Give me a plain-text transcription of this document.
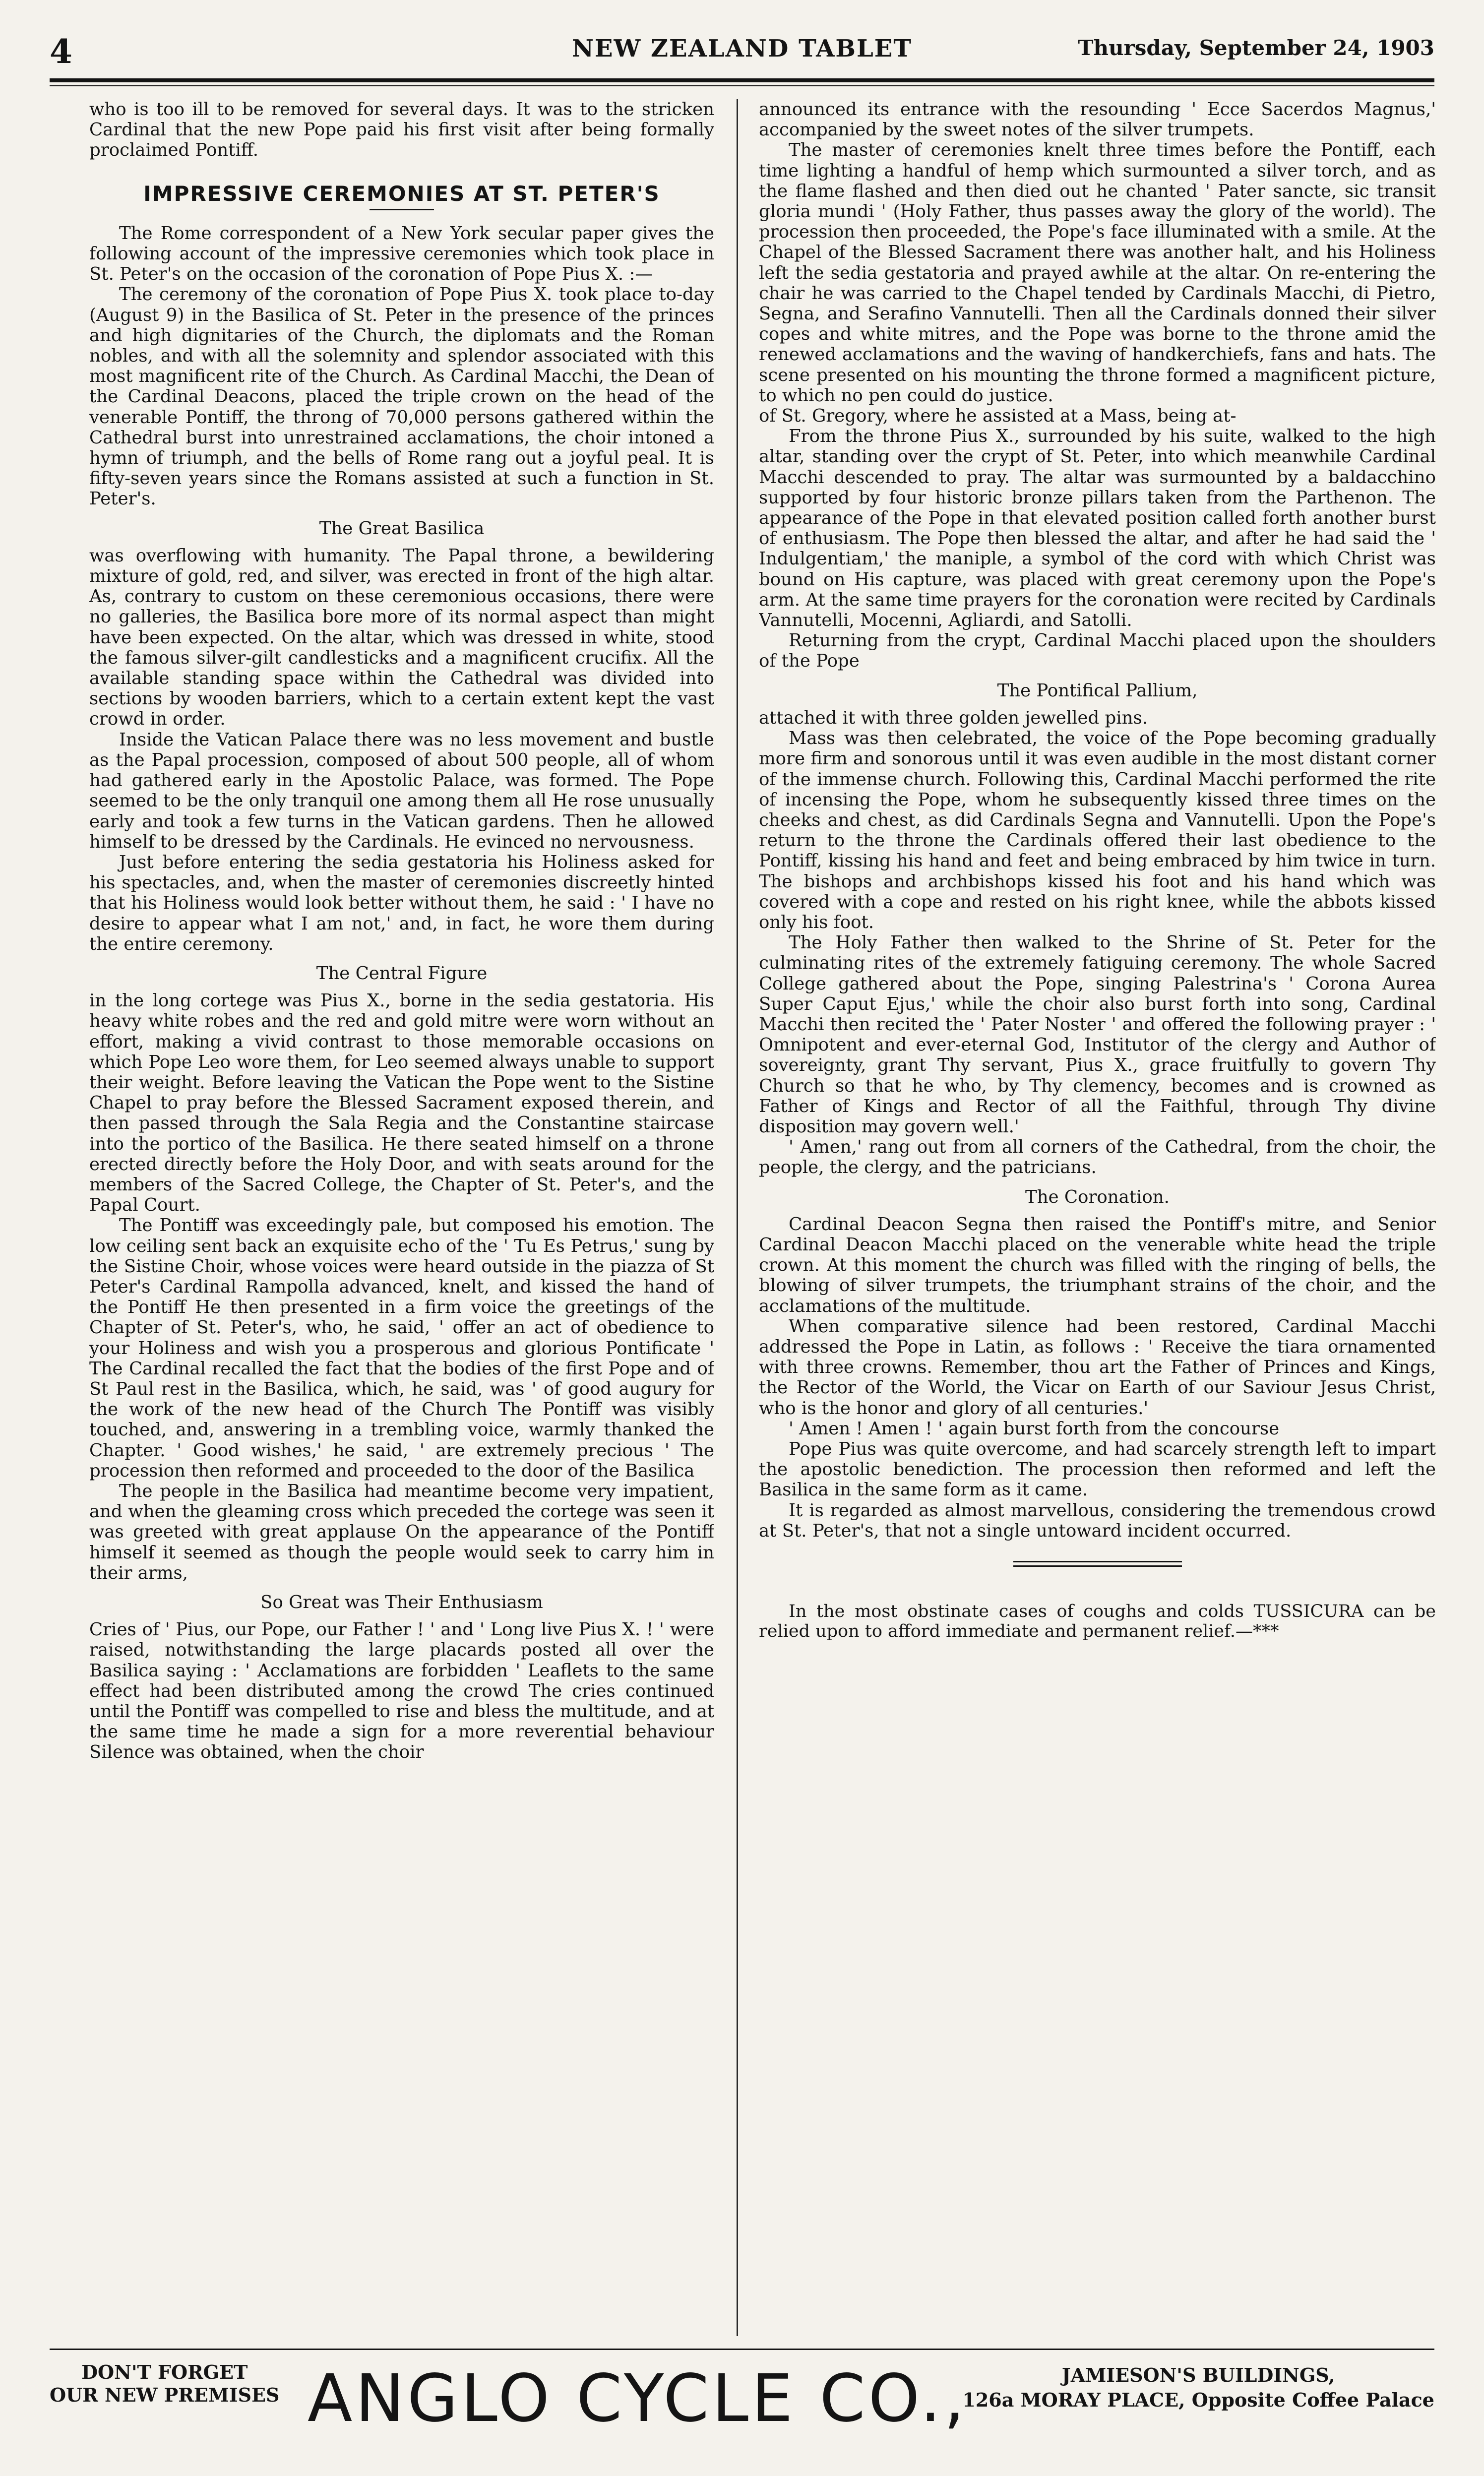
4	NEW ZEALAND TABLET	Thursday, September 24, 1903

who is too ill to be removed for several days. It was to the stricken Cardinal that the new Pope paid his first visit after being formally proclaimed Pontiff.

IMPRESSIVE CEREMONIES AT ST. PETER'S

The Rome correspondent of a New York secular paper gives the following account of the impressive ceremonies which took place in St. Peter's on the occasion of the coronation of Pope Pius X. :—

The ceremony of the coronation of Pope Pius X. took place to-day (August 9) in the Basilica of St. Peter in the presence of the princes and high dignitaries of the Church, the diplomats and the Roman nobles, and with all the solemnity and splendor associated with this most magnificent rite of the Church. As Cardinal Macchi, the Dean of the Cardinal Deacons, placed the triple crown on the head of the venerable Pontiff, the throng of 70,000 persons gathered within the Cathedral burst into unrestrained acclamations, the choir intoned a hymn of triumph, and the bells of Rome rang out a joyful peal. It is fifty-seven years since the Romans assisted at such a function in St. Peter's.

The Great Basilica

was overflowing with humanity. The Papal throne, a bewildering mixture of gold, red, and silver, was erected in front of the high altar. As, contrary to custom on these ceremonious occasions, there were no galleries, the Basilica bore more of its normal aspect than might have been expected. On the altar, which was dressed in white, stood the famous silver-gilt candlesticks and a magnificent crucifix. All the available standing space within the Cathedral was divided into sections by wooden barriers, which to a certain extent kept the vast crowd in order.

Inside the Vatican Palace there was no less movement and bustle as the Papal procession, composed of about 500 people, all of whom had gathered early in the Apostolic Palace, was formed. The Pope seemed to be the only tranquil one among them all He rose unusually early and took a few turns in the Vatican gardens. Then he allowed himself to be dressed by the Cardinals. He evinced no nervousness.

Just before entering the sedia gestatoria his Holiness asked for his spectacles, and, when the master of ceremonies discreetly hinted that his Holiness would look better without them, he said : ' I have no desire to appear what I am not,' and, in fact, he wore them during the entire ceremony.

The Central Figure

in the long cortege was Pius X., borne in the sedia gestatoria. His heavy white robes and the red and gold mitre were worn without an effort, making a vivid contrast to those memorable occasions on which Pope Leo wore them, for Leo seemed always unable to support their weight. Before leaving the Vatican the Pope went to the Sistine Chapel to pray before the Blessed Sacrament exposed therein, and then passed through the Sala Regia and the Constantine staircase into the portico of the Basilica. He there seated himself on a throne erected directly before the Holy Door, and with seats around for the members of the Sacred College, the Chapter of St. Peter's, and the Papal Court.

The Pontiff was exceedingly pale, but composed his emotion. The low ceiling sent back an exquisite echo of the ' Tu Es Petrus,' sung by the Sistine Choir, whose voices were heard outside in the piazza of St Peter's Cardinal Rampolla advanced, knelt, and kissed the hand of the Pontiff He then presented in a firm voice the greetings of the Chapter of St. Peter's, who, he said, ' offer an act of obedience to your Holiness and wish you a prosperous and glorious Pontificate ' The Cardinal recalled the fact that the bodies of the first Pope and of St Paul rest in the Basilica, which, he said, was ' of good augury for the work of the new head of the Church The Pontiff was visibly touched, and, answering in a trembling voice, warmly thanked the Chapter. ' Good wishes,' he said, ' are extremely precious ' The procession then reformed and proceeded to the door of the Basilica

The people in the Basilica had meantime become very impatient, and when the gleaming cross which preceded the cortege was seen it was greeted with great applause On the appearance of the Pontiff himself it seemed as though the people would seek to carry him in their arms,

So Great was Their Enthusiasm

Cries of ' Pius, our Pope, our Father ! ' and ' Long live Pius X. ! ' were raised, notwithstanding the large placards posted all over the Basilica saying : ' Acclamations are forbidden ' Leaflets to the same effect had been distributed among the crowd The cries continued until the Pontiff was compelled to rise and bless the multitude, and at the same time he made a sign for a more reverential behaviour Silence was obtained, when the choir

announced its entrance with the resounding ' Ecce Sacerdos Magnus,' accompanied by the sweet notes of the silver trumpets.

The master of ceremonies knelt three times before the Pontiff, each time lighting a handful of hemp which surmounted a silver torch, and as the flame flashed and then died out he chanted ' Pater sancte, sic transit gloria mundi ' (Holy Father, thus passes away the glory of the world). The procession then proceeded, the Pope's face illuminated with a smile. At the Chapel of the Blessed Sacrament there was another halt, and his Holiness left the sedia gestatoria and prayed awhile at the altar. On re-entering the chair he was carried to the Chapel tended by Cardinals Macchi, di Pietro, Segna, and Serafino Vannutelli. Then all the Cardinals donned their silver copes and white mitres, and the Pope was borne to the throne amid the renewed acclamations and the waving of handkerchiefs, fans and hats. The scene presented on his mounting the throne formed a magnificent picture, to which no pen could do justice.

of St. Gregory, where he assisted at a Mass, being at-

From the throne Pius X., surrounded by his suite, walked to the high altar, standing over the crypt of St. Peter, into which meanwhile Cardinal Macchi descended to pray. The altar was surmounted by a baldacchino supported by four historic bronze pillars taken from the Parthenon. The appearance of the Pope in that elevated position called forth another burst of enthusiasm. The Pope then blessed the altar, and after he had said the ' Indulgentiam,' the maniple, a symbol of the cord with which Christ was bound on His capture, was placed with great ceremony upon the Pope's arm. At the same time prayers for the coronation were recited by Cardinals Vannutelli, Mocenni, Agliardi, and Satolli.

Returning from the crypt, Cardinal Macchi placed upon the shoulders of the Pope

The Pontifical Pallium,

attached it with three golden jewelled pins.

Mass was then celebrated, the voice of the Pope becoming gradually more firm and sonorous until it was even audible in the most distant corner of the immense church. Following this, Cardinal Macchi performed the rite of incensing the Pope, whom he subsequently kissed three times on the cheeks and chest, as did Cardinals Segna and Vannutelli. Upon the Pope's return to the throne the Cardinals offered their last obedience to the Pontiff, kissing his hand and feet and being embraced by him twice in turn. The bishops and archbishops kissed his foot and his hand which was covered with a cope and rested on his right knee, while the abbots kissed only his foot.

The Holy Father then walked to the Shrine of St. Peter for the culminating rites of the extremely fatiguing ceremony. The whole Sacred College gathered about the Pope, singing Palestrina's ' Corona Aurea Super Caput Ejus,' while the choir also burst forth into song, Cardinal Macchi then recited the ' Pater Noster ' and offered the following prayer : ' Omnipotent and ever-eternal God, Institutor of the clergy and Author of sovereignty, grant Thy servant, Pius X., grace fruitfully to govern Thy Church so that he who, by Thy clemency, becomes and is crowned as Father of Kings and Rector of all the Faithful, through Thy divine disposition may govern well.'

' Amen,' rang out from all corners of the Cathedral, from the choir, the people, the clergy, and the patricians.

The Coronation.

Cardinal Deacon Segna then raised the Pontiff's mitre, and Senior Cardinal Deacon Macchi placed on the venerable white head the triple crown. At this moment the church was filled with the ringing of bells, the blowing of silver trumpets, the triumphant strains of the choir, and the acclamations of the multitude.

When comparative silence had been restored, Cardinal Macchi addressed the Pope in Latin, as follows : ' Receive the tiara ornamented with three crowns. Remember, thou art the Father of Princes and Kings, the Rector of the World, the Vicar on Earth of our Saviour Jesus Christ, who is the honor and glory of all centuries.'

' Amen ! Amen ! ' again burst forth from the concourse

Pope Pius was quite overcome, and had scarcely strength left to impart the apostolic benediction. The procession then reformed and left the Basilica in the same form as it came.

It is regarded as almost marvellous, considering the tremendous crowd at St. Peter's, that not a single untoward incident occurred.

In the most obstinate cases of coughs and colds TUSSICURA can be relied upon to afford immediate and permanent relief.—***

DON'T FORGET
OUR NEW PREMISES ANGLO CYCLE CO.,	JAMIESON'S BUILDINGS,
126a MORAY PLACE, Opposite Coffee Palace
